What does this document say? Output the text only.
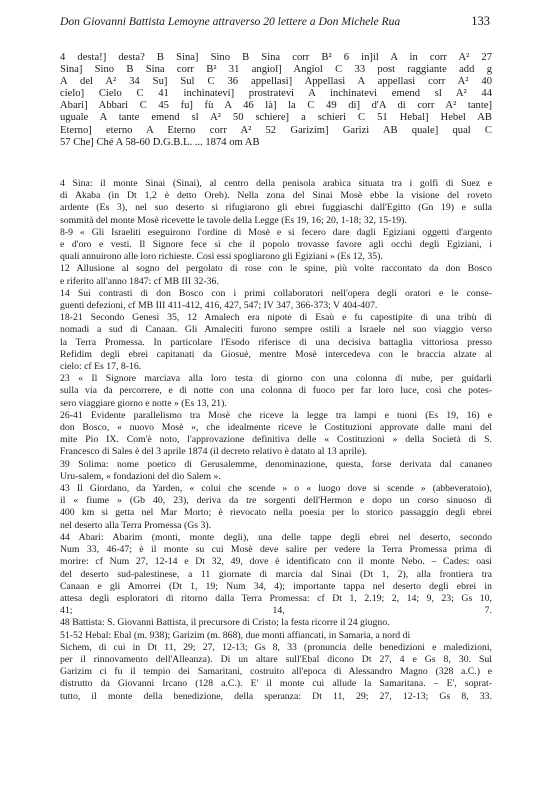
Don Giovanni Battista Lemoyne attraverso 20 lettere a Don Michele Rua	133
4 desta!] desta? B Sina] Sino B Sina corr B² 6 in]il A in corr A² 27
Sina] Sino B Sina corr B² 31 angiol] Angiol C 33 post raggiante add g
A del A² 34 Su] Sul C 36 appellasi] Appellasi A appellasi corr A² 40
cielo] Cielo C 41 inchinatevi] prostratevi A inchinatevi emend sl A² 44
Abari] Abbari C 45 fu] fù A 46 là] la C 49 di] d'A di corr A² tante]
uguale A tante emend sl A² 50 schiere] a schieri C 51 Hebal] Hebel AB
Eterno] eterno A Eterno corr A² 52 Garizim] Garizi AB quale] qual C
57 Che] Ché A 58-60 D.G.B.L. ... 1874 om AB
4 Sina: il monte Sinai (Sinai), al centro della penisola arabica situata tra i golfi di Suez e
di Akaba (in Dt 1,2 è detto Oreb). Nella zona del Sinai Mosè ebbe la visione del roveto
ardente (Es 3), nel suo deserto si rifugiarono gli ebrei fuggiaschi dall'Egitto (Gn 19) e sulla
sommità del monte Mosè ricevette le tavole della Legge (Es 19, 16; 20, 1-18; 32, 15-19).
8-9 « Gli Israeliti eseguirono l'ordine di Mosè e si fecero dare dagli Egiziani oggetti d'argento
e d'oro e vesti. Il Signore fece sì che il popolo trovasse favore agli occhi degli Egiziani, i
quali annuirono alle loro richieste. Così essi spogliarono gli Egiziani » (Es 12, 35).
12 Allusione al sogno del pergolato di rose con le spine, più volte raccontato da don Bosco
e riferito all'anno 1847: cf MB III 32-36.
14 Sui contrasti di don Bosco con i primi collaboratori nell'opera degli oratori e le conse-
guenti defezioni, cf MB III 411-412, 416, 427, 547; IV 347, 366-373; V 404-407.
18-21 Secondo Genesi 35, 12 Amalech era nipote di Esaù e fu capostipite di una tribù di
nomadi a sud di Canaan. Gli Amaleciti furono sempre ostili a Israele nel suo viaggio verso
la Terra Promessa. In particolare l'Esodo riferisce di una decisiva battaglia vittoriosa presso
Refidim degli ebrei capitanati da Giosuè, mentre Mosè intercedeva con le braccia alzate al
cielo: cf Es 17, 8-16.
23 « Il Signore marciava alla loro testa di giorno con una colonna di nube, per guidarli
sulla via da percorrere, e di notte con una colonna di fuoco per far loro luce, così che potes-
sero viaggiare giorno e notte » (Es 13, 21).
26-41 Evidente parallelismo tra Mosè che riceve la legge tra lampi e tuoni (Es 19, 16) e
don Bosco, « nuovo Mosè », che idealmente riceve le Costituzioni approvate dalle mani del
mite Pio IX. Com'è noto, l'approvazione definitiva delle « Costituzioni » della Società di S.
Francesco di Sales è del 3 aprile 1874 (il decreto relativo è datato al 13 aprile).
39 Solima: nome poetico di Gerusalemme, denominazione, questa, forse derivata dal cananeo
Uru-salem, « fondazioni del dio Salem ».
43 Il Giordano, da Yarden, « colui che scende » o « luogo dove si scende » (abbeveratoio),
il « fiume » (Gb 40, 23), deriva da tre sorgenti dell'Hermon e dopo un corso sinuoso di
400 km si getta nel Mar Morto; è rievocato nella poesia per lo storico passaggio degli ebrei
nel deserto alla Terra Promessa (Gs 3).
44 Abari: Abarim (monti, monte degli), una delle tappe degli ebrei nel deserto, secondo
Num 33, 46-47; è il monte su cui Mosè deve salire per vedere la Terra Promessa prima di
morire: cf Num 27, 12-14 e Dt 32, 49, dove è identificato con il monte Nebo. – Cades: oasi
del deserto sud-palestinese, a 11 giornate di marcia dal Sinai (Dt 1, 2), alla frontiera tra
Canaan e gli Amorrei (Dt 1, 19; Num 34, 4); importante tappa nel deserto degli ebrei in
attesa degli esploratori di ritorno dalla Terra Promessa: cf Dt 1, 2.19; 2, 14; 9, 23; Gs 10,
41; 14, 7.
48 Battista: S. Giovanni Battista, il precursore di Cristo; la festa ricorre il 24 giugno.
51-52 Hebal: Ebal (m. 938); Garizim (m. 868), due monti affiancati, in Samaria, a nord di
Sichem, di cui in Dt 11, 29; 27, 12-13; Gs 8, 33 (pronuncia delle benedizioni e maledizioni,
per il rinnovamento dell'Alleanza). Di un altare sull'Ebal dicono Dt 27, 4 e Gs 8, 30. Sul
Garizim ci fu il tempio dei Samaritani, costruito all'epoca di Alessandro Magno (328 a.C.) e
distrutto da Giovanni Ircano (128 a.C.). E' il monte cui allude la Samaritana. – E', soprat-
tutto, il monte della benedizione, della speranza: Dt 11, 29; 27, 12-13; Gs 8, 33.
